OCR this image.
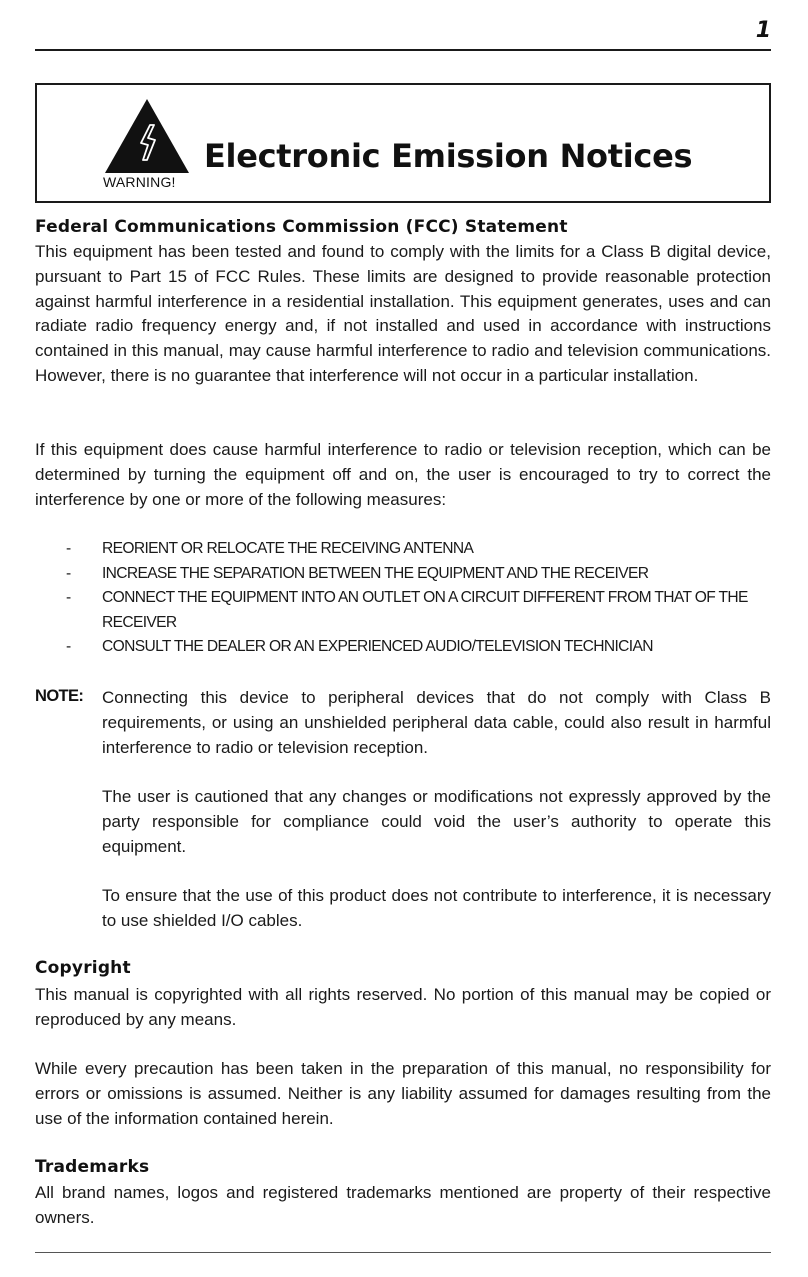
1
WARNING!
Electronic Emission Notices
Federal Communications Commission (FCC) Statement
This equipment has been tested and found to comply with the limits for a Class B digital device, pursuant to Part 15 of FCC Rules. These limits are designed to provide reasonable protection against harmful interference in a residential installation. This equipment generates, uses and can radiate radio frequency energy and, if not installed and used in accordance with instructions contained in this manual, may cause harmful interference to radio and television communications. However, there is no guarantee that interference will not occur in a particular installation.
If this equipment does cause harmful interference to radio or television reception, which can be determined by turning the equipment off and on, the user is encouraged to try to correct the interference by one or more of the following measures:
- REORIENT OR RELOCATE THE RECEIVING ANTENNA
- INCREASE THE SEPARATION BETWEEN THE EQUIPMENT AND THE RECEIVER
- CONNECT THE EQUIPMENT INTO AN OUTLET ON A CIRCUIT DIFFERENT FROM THAT OF THE RECEIVER
- CONSULT THE DEALER OR AN EXPERIENCED AUDIO/TELEVISION TECHNICIAN
NOTE: Connecting this device to peripheral devices that do not comply with Class B requirements, or using an unshielded peripheral data cable, could also result in harmful interference to radio or television reception.
The user is cautioned that any changes or modifications not expressly approved by the party responsible for compliance could void the user’s authority to operate this equipment.
To ensure that the use of this product does not contribute to interference, it is necessary to use shielded I/O cables.
Copyright
This manual is copyrighted with all rights reserved. No portion of this manual may be copied or reproduced by any means.
While every precaution has been taken in the preparation of this manual, no responsibility for errors or omissions is assumed. Neither is any liability assumed for damages resulting from the use of the information contained herein.
Trademarks
All brand names, logos and registered trademarks mentioned are property of their respective owners.
